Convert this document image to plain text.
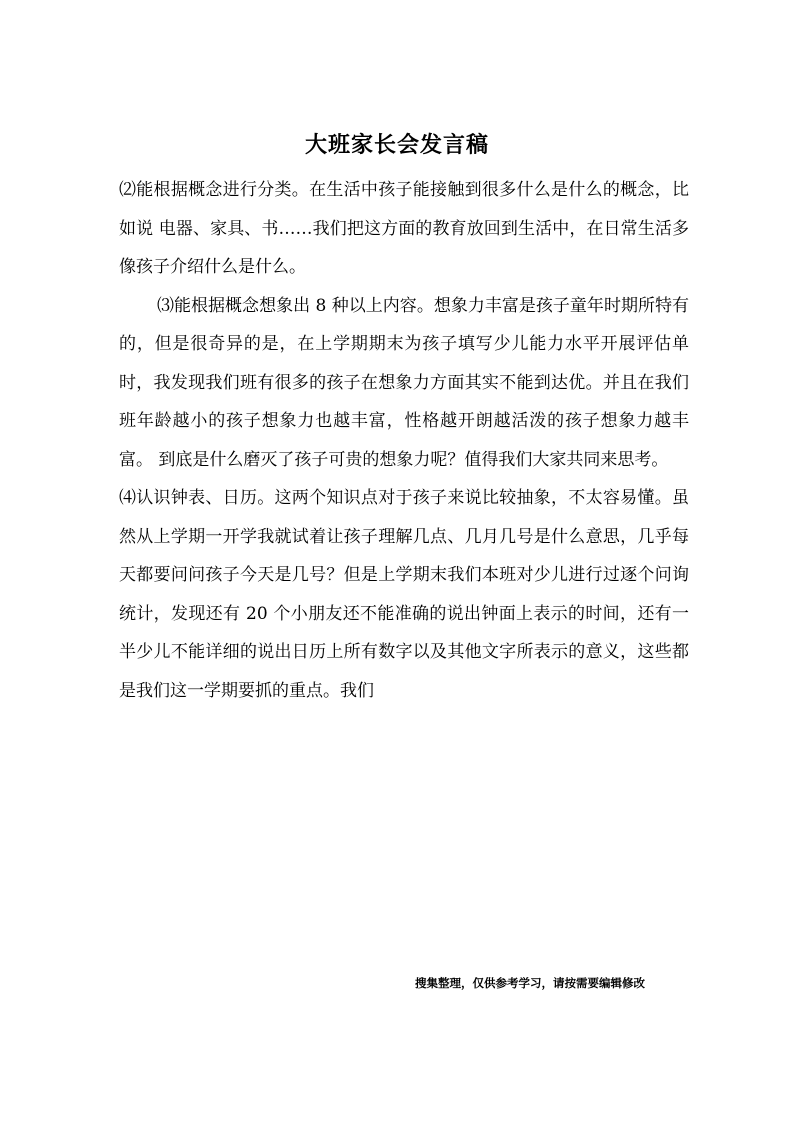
大班家长会发言稿

⑵能根据概念进行分类。在生活中孩子能接触到很多什么是什么的概念，比如说 电器、家具、书……我们把这方面的教育放回到生活中，在日常生活多像孩子介绍什么是什么。

⑶能根据概念想象出 8 种以上内容。想象力丰富是孩子童年时期所特有的，但是很奇异的是，在上学期期末为孩子填写少儿能力水平开展评估单时，我发现我们班有很多的孩子在想象力方面其实不能到达优。并且在我们班年龄越小的孩子想象力也越丰富，性格越开朗越活泼的孩子想象力越丰富。 到底是什么磨灭了孩子可贵的想象力呢？值得我们大家共同来思考。

⑷认识钟表、日历。这两个知识点对于孩子来说比较抽象，不太容易懂。虽然从上学期一开学我就试着让孩子理解几点、几月几号是什么意思，几乎每天都要问问孩子今天是几号？但是上学期末我们本班对少儿进行过逐个问询统计，发现还有 20 个小朋友还不能准确的说出钟面上表示的时间，还有一半少儿不能详细的说出日历上所有数字以及其他文字所表示的意义，这些都是我们这一学期要抓的重点。我们

搜集整理，仅供参考学习，请按需要编辑修改
